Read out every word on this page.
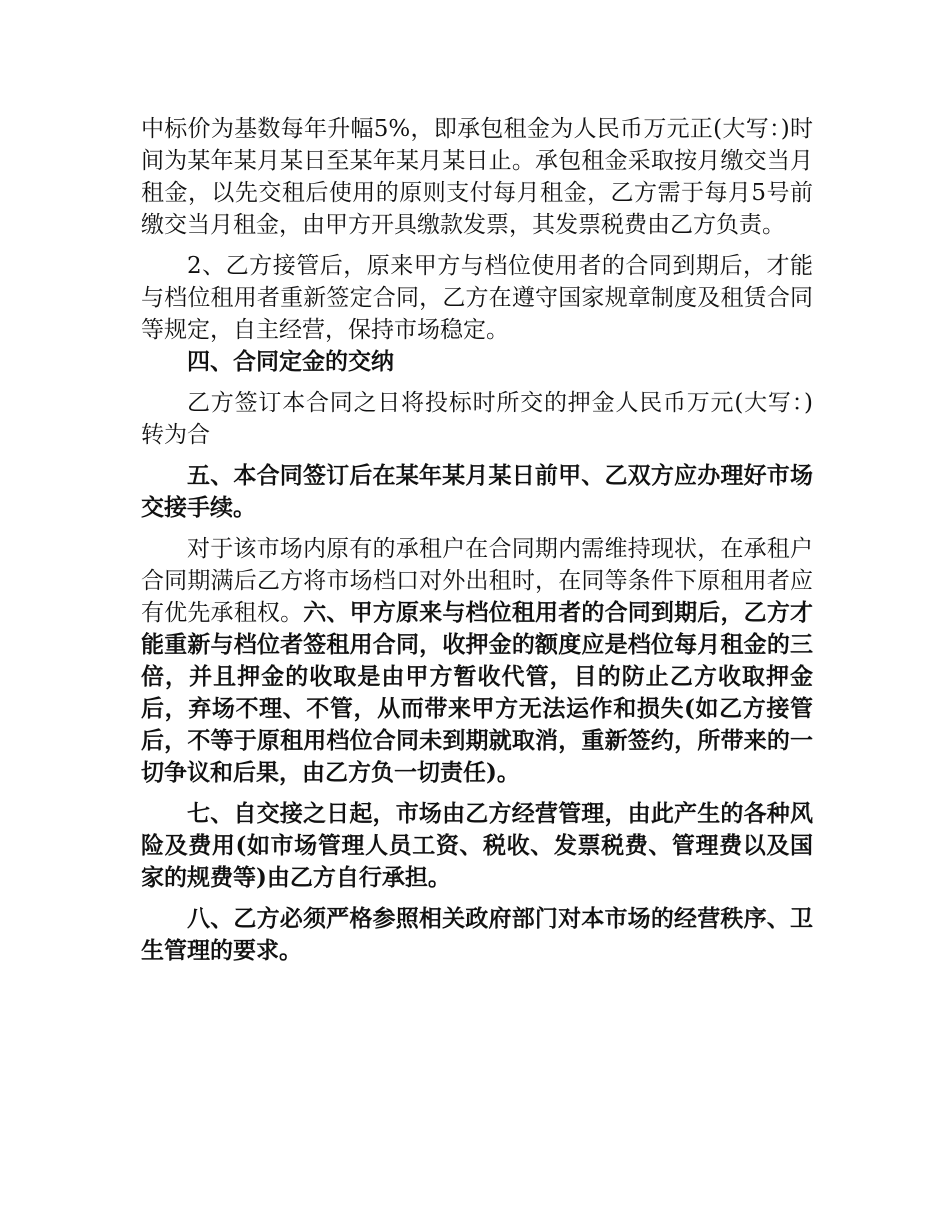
中标价为基数每年升幅5%，即承包租金为人民币万元正(大写：)时间为某年某月某日至某年某月某日止。承包租金采取按月缴交当月租金，以先交租后使用的原则支付每月租金，乙方需于每月5号前缴交当月租金，由甲方开具缴款发票，其发票税费由乙方负责。

2、乙方接管后，原来甲方与档位使用者的合同到期后，才能与档位租用者重新签定合同，乙方在遵守国家规章制度及租赁合同等规定，自主经营，保持市场稳定。

四、合同定金的交纳

乙方签订本合同之日将投标时所交的押金人民币万元(大写：)转为合

五、本合同签订后在某年某月某日前甲、乙双方应办理好市场交接手续。

对于该市场内原有的承租户在合同期内需维持现状，在承租户合同期满后乙方将市场档口对外出租时，在同等条件下原租用者应有优先承租权。六、甲方原来与档位租用者的合同到期后，乙方才能重新与档位者签租用合同，收押金的额度应是档位每月租金的三倍，并且押金的收取是由甲方暂收代管，目的防止乙方收取押金后，弃场不理、不管，从而带来甲方无法运作和损失(如乙方接管后，不等于原租用档位合同未到期就取消，重新签约，所带来的一切争议和后果，由乙方负一切责任)。

七、自交接之日起，市场由乙方经营管理，由此产生的各种风险及费用(如市场管理人员工资、税收、发票税费、管理费以及国家的规费等)由乙方自行承担。

八、乙方必须严格参照相关政府部门对本市场的经营秩序、卫生管理的要求。
